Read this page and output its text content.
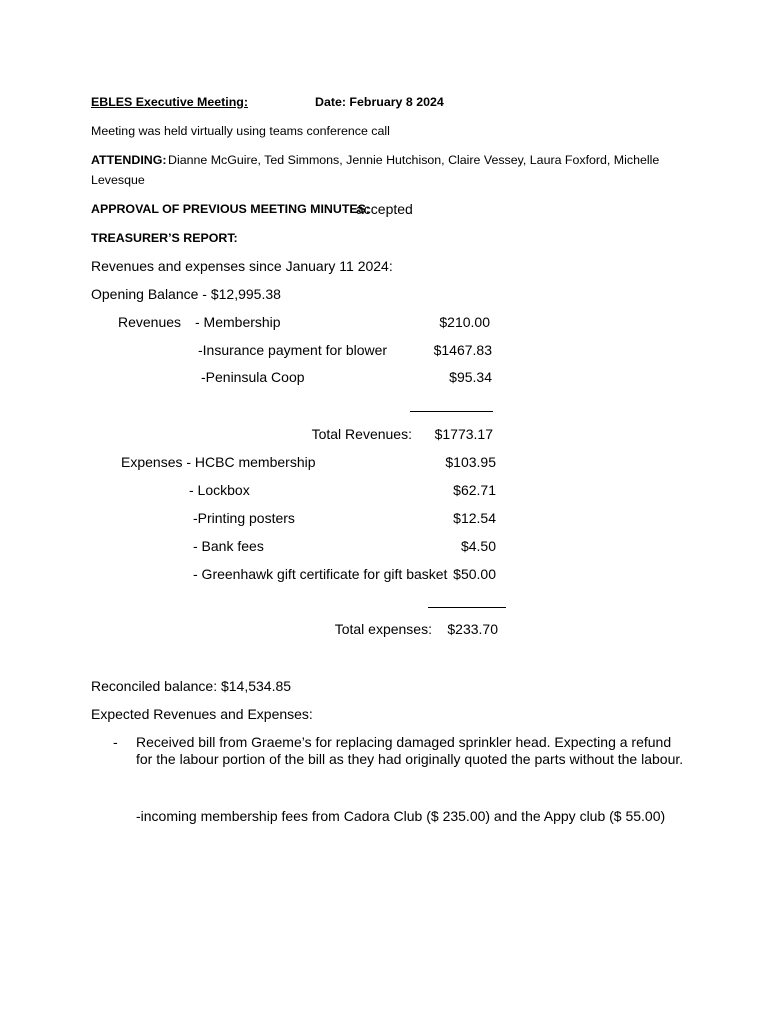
EBLES Executive Meeting:	Date: February 8 2024
Meeting was held virtually using teams conference call
ATTENDING: Dianne McGuire, Ted Simmons, Jennie Hutchison, Claire Vessey, Laura Foxford, Michelle
Levesque
APPROVAL OF PREVIOUS MEETING MINUTES:
accepted
TREASURER’S REPORT:
Revenues and expenses since January 11 2024:
Opening Balance - $12,995.38
Revenues - Membership	$210.00
-Insurance payment for blower	$1467.83
-Peninsula Coop	$95.34
Total Revenues:	$1773.17
Expenses - HCBC membership	$103.95
- Lockbox	$62.71
-Printing posters	$12.54
- Bank fees	$4.50
- Greenhawk gift certificate for gift basket $50.00
Total expenses:	$233.70
Reconciled balance: $14,534.85
Expected Revenues and Expenses:
- Received bill from Graeme’s for replacing damaged sprinkler head. Expecting a refund for the labour portion of the bill as they had originally quoted the parts without the labour.
-incoming membership fees from Cadora Club ($ 235.00) and the Appy club ($ 55.00)
